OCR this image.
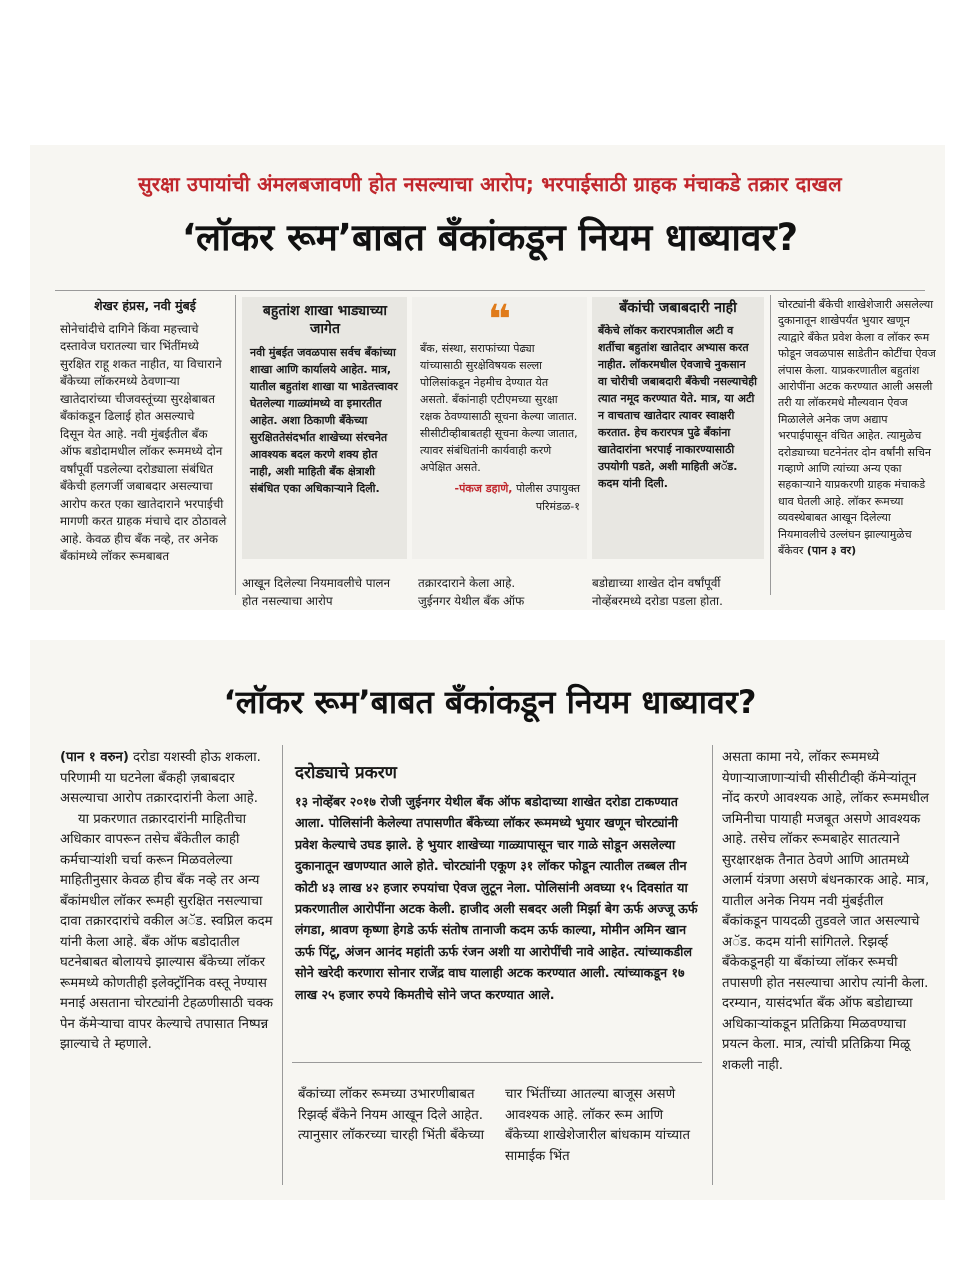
सुरक्षा उपायांची अंमलबजावणी होत नसल्याचा आरोप; भरपाईसाठी ग्राहक मंचाकडे तक्रार दाखल
‘लॉकर रूम’बाबत बँकांकडून नियम धाब्यावर?
शेखर हंप्रस, नवी मुंबई

सोनेचांदीचे दागिने किंवा महत्त्वाचे दस्तावेज घरातल्या चार भिंतींमध्ये सुरक्षित राहू शकत नाहीत, या विचाराने बँकेच्या लॉकरमध्ये ठेवणाऱ्या खातेदारांच्या चीजवस्तूंच्या सुरक्षेबाबत बँकांकडून ढिलाई होत असल्याचे

दिसून येत आहे. नवी मुंबईतील बँक ऑफ बडोदामधील लॉकर रूममध्ये दोन वर्षांपूर्वी पडलेल्या दरोड्याला संबंधित बँकेची हलगर्जी जबाबदार असल्याचा आरोप करत एका खातेदाराने भरपाईची मागणी करत ग्राहक मंचाचे दार ठोठावले आहे. केवळ हीच बँक नव्हे, तर अनेक बँकांमध्ये लॉकर रूमबाबत

बहुतांश शाखा भाड्याच्या जागेत

नवी मुंबईत जवळपास सर्वच बँकांच्या शाखा आणि कार्यालये आहेत. मात्र, यातील बहुतांश शाखा या भाडेतत्त्वावर घेतलेल्या गाळ्यांमध्ये वा इमारतीत आहेत. अशा ठिकाणी बँकेच्या सुरक्षिततेसंदर्भात शाखेच्या संरचनेत आवश्यक बदल करणे शक्य होत नाही, अशी माहिती बँक क्षेत्राशी संबंधित एका अधिकाऱ्याने दिली.

आखून दिलेल्या नियमावलीचे पालन होत नसल्याचा आरोप
❝

बँक, संस्था, सराफांच्या पेढ्या यांच्यासाठी सुरक्षेविषयक सल्ला पोलिसांकडून नेहमीच देण्यात येत असतो. बँकांनाही एटीएमच्या सुरक्षा रक्षक ठेवण्यासाठी सूचना केल्या जातात. सीसीटीव्हीबाबतही सूचना केल्या जातात, त्यावर संबंधितांनी कार्यवाही करणे अपेक्षित असते.

-पंकज डहाणे, पोलीस उपायुक्त परिमंडळ-१

तक्रारदाराने केला आहे.

जुईनगर येथील बँक ऑफ

बँकांची जबाबदारी नाही

बँकेचे लॉकर करारपत्रातील अटी व शर्तीचा बहुतांश खातेदार अभ्यास करत नाहीत. लॉकरमधील ऐवजाचे नुकसान वा चोरीची जबाबदारी बँकेची नसल्याचेही त्यात नमूद करण्यात येते. मात्र, या अटी न वाचताच खातेदार त्यावर स्वाक्षरी करतात. हेच करारपत्र पुढे बँकांना खातेदारांना भरपाई नाकारण्यासाठी उपयोगी पडते, अशी माहिती अॅड. कदम यांनी दिली.

बडोद्याच्या शाखेत दोन वर्षांपूर्वी नोव्हेंबरमध्ये दरोडा पडला होता.

चोरट्यांनी बँकेची शाखेशेजारी असलेल्या दुकानातून शाखेपर्यंत भुयार खणून त्याद्वारे बँकेत प्रवेश केला व लॉकर रूम फोडून जवळपास साडेतीन कोटींचा ऐवज लंपास केला. याप्रकरणातील बहुतांश आरोपींना अटक करण्यात आली असली तरी या लॉकरमधे मौल्यवान ऐवज मिळालेले अनेक जण अद्याप भरपाईपासून वंचित आहेत. त्यामुळेच दरोड्याच्या घटनेनंतर दोन वर्षांनी सचिन गव्हाणे आणि त्यांच्या अन्य एका सहकाऱ्याने याप्रकरणी ग्राहक मंचाकडे धाव घेतली आहे. लॉकर रूमच्या व्यवस्थेबाबत आखून दिलेल्या नियमावलीचे उल्लंघन झाल्यामुळेच बँकेवर (पान ३ वर)

‘लॉकर रूम’बाबत बँकांकडून नियम धाब्यावर?

(पान १ वरुन) दरोडा यशस्वी होऊ शकला. परिणामी या घटनेला बँकही ज़बाबदार असल्याचा आरोप तक्रारदारांनी केला आहे.

या प्रकरणात तक्रारदारांनी माहितीचा अधिकार वापरून तसेच बँकेतील काही कर्मचाऱ्यांशी चर्चा करून मिळवलेल्या माहितीनुसार केवळ हीच बँक नव्हे तर अन्य बँकांमधील लॉकर रूमही सुरक्षित नसल्याचा दावा तक्रारदारांचे वकील अॅड. स्वप्निल कदम यांनी केला आहे. बँक ऑफ बडोदातील घटनेबाबत बोलायचे झाल्यास बँकेच्या लॉकर रूममध्ये कोणतीही इलेक्ट्रॉनिक वस्तू नेण्यास मनाई असताना चोरट्यांनी टेहळणीसाठी चक्क पेन कॅमेऱ्याचा वापर केल्याचे तपासात निष्पन्न झाल्याचे ते म्हणाले.

दरोड्याचे प्रकरण

१३ नोव्हेंबर २०१७ रोजी जुईनगर येथील बँक ऑफ बडोदाच्या शाखेत दरोडा टाकण्यात आला. पोलिसांनी केलेल्या तपासणीत बँकेच्या लॉकर रूममध्ये भुयार खणून चोरट्यांनी प्रवेश केल्याचे उघड झाले. हे भुयार शाखेच्या गाळ्यापासून चार गाळे सोडून असलेल्या दुकानातून खणण्यात आले होते. चोरट्यांनी एकूण ३१ लॉकर फोडून त्यातील तब्बल तीन कोटी ४३ लाख ४२ हजार रुपयांचा ऐवज लुटून नेला. पोलिसांनी अवघ्या १५ दिवसांत या प्रकरणातील आरोपींना अटक केली. हाजीद अली सबदर अली मिर्झा बेग ऊर्फ अज्जू ऊर्फ लंगडा, श्रावण कृष्णा हेगडे ऊर्फ संतोष तानाजी कदम ऊर्फ काल्या, मोमीन अमिन खान ऊर्फ पिंटू, अंजन आनंद महांती ऊर्फ रंजन अशी या आरोपींची नावे आहेत. त्यांच्याकडील सोने खरेदी करणारा सोनार राजेंद्र वाघ यालाही अटक करण्यात आली. त्यांच्याकडून १७ लाख २५ हजार रुपये किमतीचे सोने जप्त करण्यात आले.

बँकांच्या लॉकर रूमच्या उभारणीबाबत रिझर्व्ह बँकेने नियम आखून दिले आहेत. त्यानुसार लॉकरच्या चारही भिंती बँकेच्या
चार भिंतींच्या आतल्या बाजूस असणे आवश्यक आहे. लॉकर रूम आणि बँकेच्या शाखेशेजारील बांधकाम यांच्यात सामाईक भिंत
असता कामा नये, लॉकर रूममध्ये येणाऱ्याजाणाऱ्यांची सीसीटीव्ही कॅमेऱ्यांतून नोंद करणे आवश्यक आहे, लॉकर रूममधील जमिनीचा पायाही मजबूत असणे आवश्यक आहे. तसेच लॉकर रूमबाहेर सातत्याने सुरक्षारक्षक तैनात ठेवणे आणि आतमध्ये अलार्म यंत्रणा असणे बंधनकारक आहे. मात्र, यातील अनेक नियम नवी मुंबईतील बँकांकडून पायदळी तुडवले जात असल्याचे अॅड. कदम यांनी सांगितले. रिझर्व्ह बँकेकडूनही या बँकांच्या लॉकर रूमची तपासणी होत नसल्याचा आरोप त्यांनी केला. दरम्यान, यासंदर्भात बँक ऑफ बडोद्याच्या अधिकाऱ्यांकडून प्रतिक्रिया मिळवण्याचा प्रयत्न केला. मात्र, त्यांची प्रतिक्रिया मिळू शकली नाही.
